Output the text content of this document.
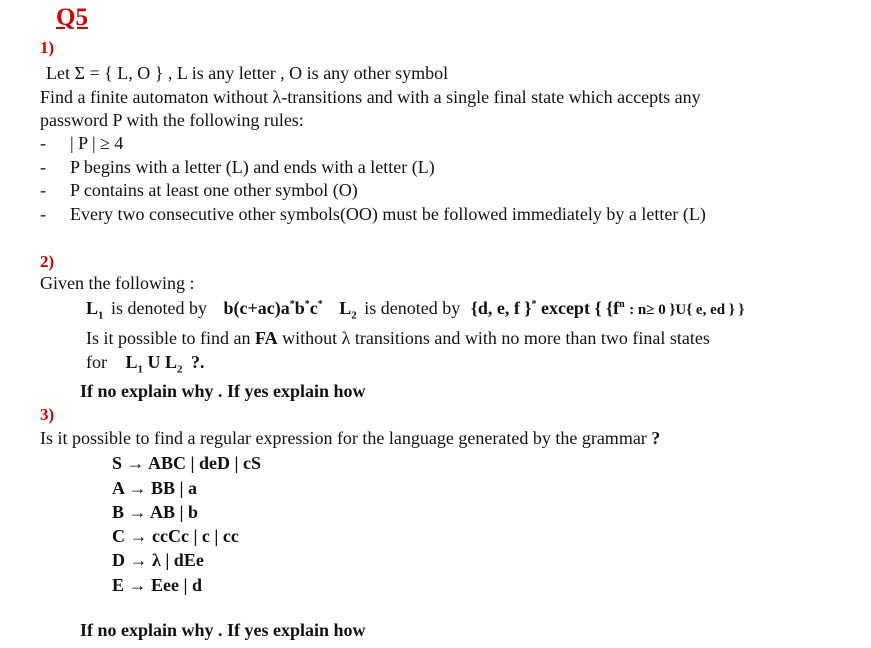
Q5
1)
Let Σ = { L, O } , L is any letter , O is any other symbol
Find a finite automaton without λ-transitions and with a single final state which accepts any
password P with the following rules:
- | P | ≥ 4
- P begins with a letter (L) and ends with a letter (L)
- P contains at least one other symbol (O)
- Every two consecutive other symbols(OO) must be followed immediately by a letter (L)
2)
Given the following :
$L_1$ is denoted by b(c+ac)a*b*c* $L_2$ is denoted by {d, e, f }* except { {$f^n$ : n≥ 0 }U{ e, ed } }
Is it possible to find an FA without λ transitions and with no more than two final states
for $L_1$ U $L_2$ ?.
If no explain why . If yes explain how
3)
Is it possible to find a regular expression for the language generated by the grammar ?
S → ABC | deD | cS
A → BB | a
B → AB | b
C → ccCc | c | cc
D → λ | dEe
E → Eee | d
If no explain why . If yes explain how
